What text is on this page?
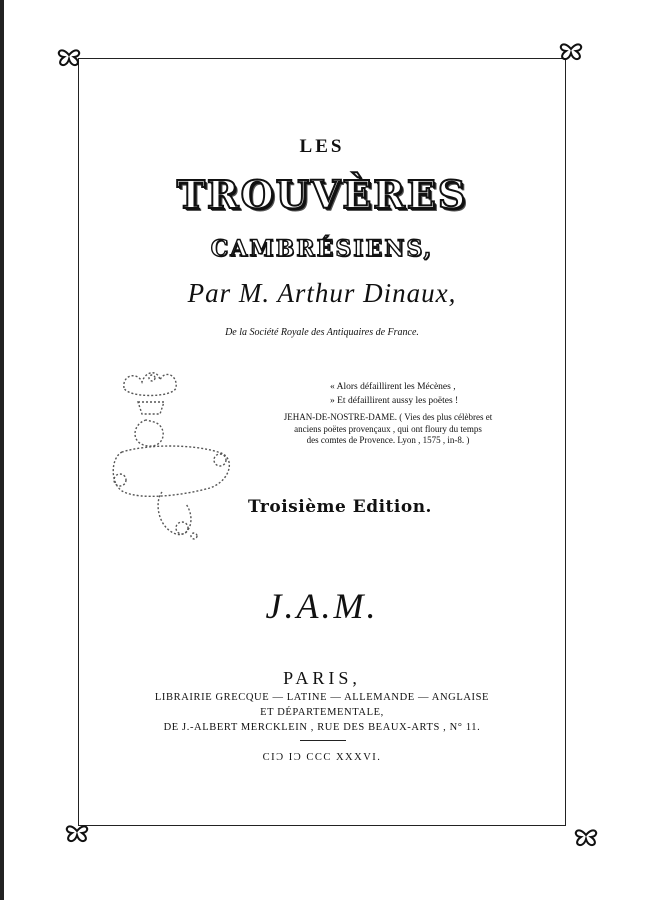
LES
TROUVÈRES
CAMBRÉSIENS,
Par M. Arthur Dinaux,
De la Société Royale des Antiquaires de France.
« Alors défaillirent les Mécènes ,
» Et défaillirent aussy les poëtes !
JEHAN-DE-NOSTRE-DAME. ( Vies des plus célèbres et
anciens poëtes provençaux , qui ont floury du temps
des comtes de Provence. Lyon , 1575 , in-8. )
Troisième Edition.
J.A.M.
PARIS,
LIBRAIRIE GRECQUE — LATINE — ALLEMANDE — ANGLAISE
ET DÉPARTEMENTALE,
DE J.-ALBERT MERCKLEIN , RUE DES BEAUX-ARTS , N° 11.
CIƆ IƆ CCC XXXVI.
